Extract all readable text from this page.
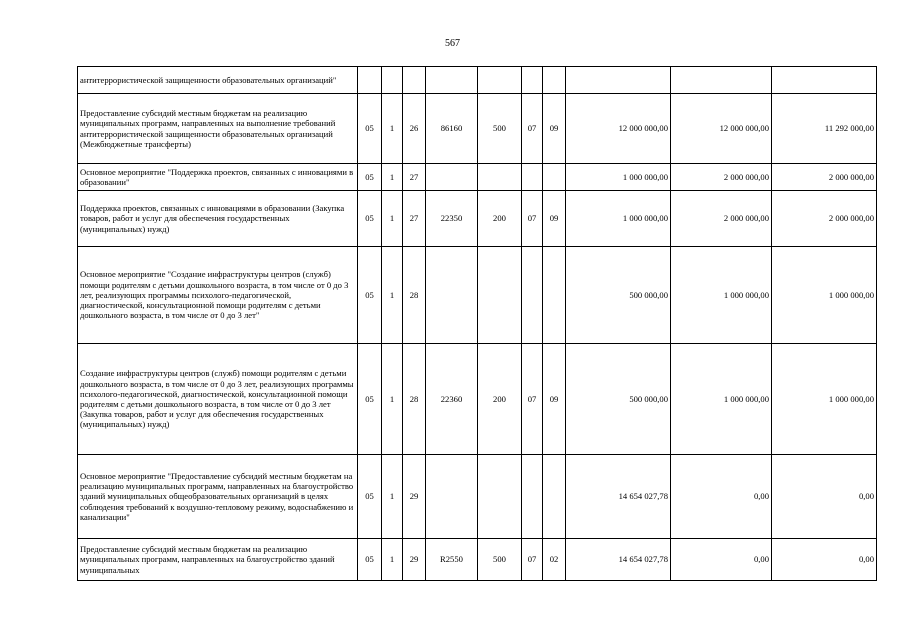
567
антитеррористической защищенности образовательных организаций"										
Предоставление субсидий местным бюджетам на реализацию муниципальных программ, направленных на выполнение требований антитеррористической защищенности образовательных организаций (Межбюджетные трансферты)	05	1	26	86160	500	07	09	12 000 000,00	12 000 000,00	11 292 000,00
Основное мероприятие "Поддержка проектов, связанных с инновациями в образовании"	05	1	27					1 000 000,00	2 000 000,00	2 000 000,00
Поддержка проектов, связанных с инновациями в образовании (Закупка товаров, работ и услуг для обеспечения государственных (муниципальных) нужд)	05	1	27	22350	200	07	09	1 000 000,00	2 000 000,00	2 000 000,00
Основное мероприятие "Создание инфраструктуры центров (служб) помощи родителям с детьми дошкольного возраста, в том числе от 0 до 3 лет, реализующих программы психолого-педагогической, диагностической, консультационной помощи родителям с детьми дошкольного возраста, в том числе от 0 до 3 лет"	05	1	28					500 000,00	1 000 000,00	1 000 000,00
Создание инфраструктуры центров (служб) помощи родителям с детьми дошкольного возраста, в том числе от 0 до 3 лет, реализующих программы психолого-педагогической, диагностической, консультационной помощи родителям с детьми дошкольного возраста, в том числе от 0 до 3 лет (Закупка товаров, работ и услуг для обеспечения государственных (муниципальных) нужд)	05	1	28	22360	200	07	09	500 000,00	1 000 000,00	1 000 000,00
Основное мероприятие "Предоставление субсидий местным бюджетам на реализацию муниципальных программ, направленных на благоустройство зданий муниципальных общеобразовательных организаций в целях соблюдения требований к воздушно-тепловому режиму, водоснабжению и канализации"	05	1	29					14 654 027,78	0,00	0,00
Предоставление субсидий местным бюджетам на реализацию муниципальных программ, направленных на благоустройство зданий муниципальных	05	1	29	R2550	500	07	02	14 654 027,78	0,00	0,00
